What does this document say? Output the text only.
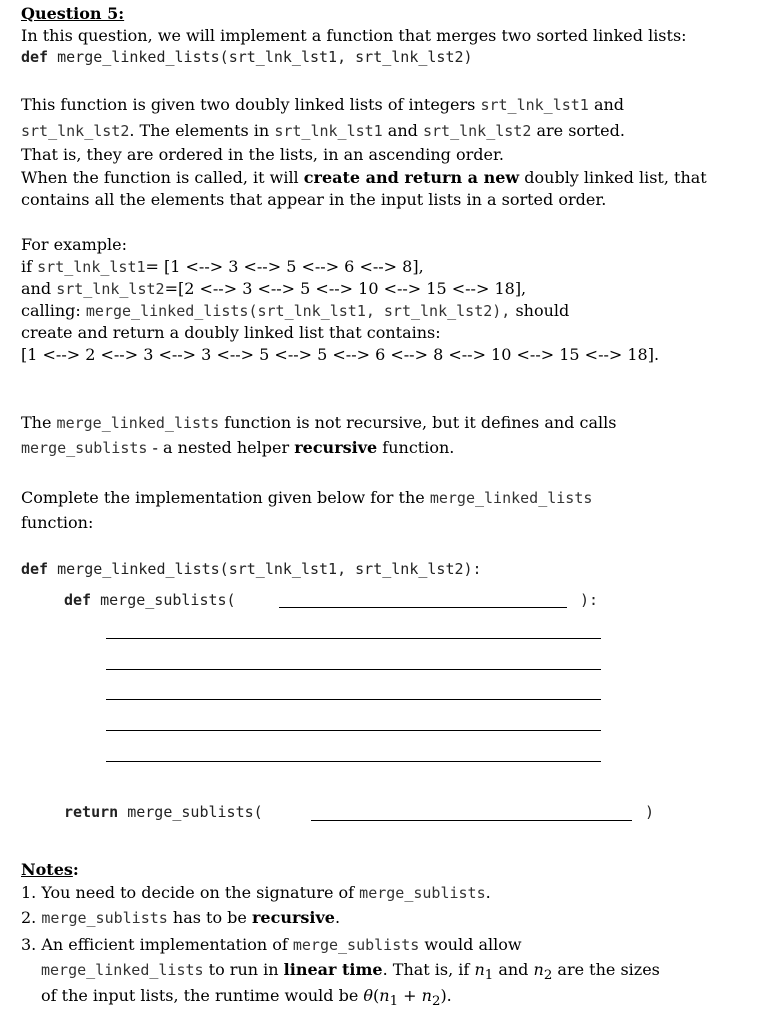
Question 5:
In this question, we will implement a function that merges two sorted linked lists:
def merge_linked_lists(srt_lnk_lst1, srt_lnk_lst2)
This function is given two doubly linked lists of integers srt_lnk_lst1 and
srt_lnk_lst2. The elements in srt_lnk_lst1 and srt_lnk_lst2 are sorted.
That is, they are ordered in the lists, in an ascending order.
When the function is called, it will create and return a new doubly linked list, that
contains all the elements that appear in the input lists in a sorted order.
For example:
if srt_lnk_lst1= [1 <--> 3 <--> 5 <--> 6 <--> 8],
and srt_lnk_lst2=[2 <--> 3 <--> 5 <--> 10 <--> 15 <--> 18],
calling: merge_linked_lists(srt_lnk_lst1, srt_lnk_lst2), should
create and return a doubly linked list that contains:
[1 <--> 2 <--> 3 <--> 3 <--> 5 <--> 5 <--> 6 <--> 8 <--> 10 <--> 15 <--> 18].
The merge_linked_lists function is not recursive, but it defines and calls
merge_sublists - a nested helper recursive function.
Complete the implementation given below for the merge_linked_lists
function:
def merge_linked_lists(srt_lnk_lst1, srt_lnk_lst2):
def merge_sublists(	):
return merge_sublists(	)
Notes:
1. You need to decide on the signature of merge_sublists.
2. merge_sublists has to be recursive.
3. An efficient implementation of merge_sublists would allow
merge_linked_lists to run in linear time. That is, if $n_1$ and $n_2$ are the sizes
of the input lists, the runtime would be $\theta(n_1 + n_2)$.
